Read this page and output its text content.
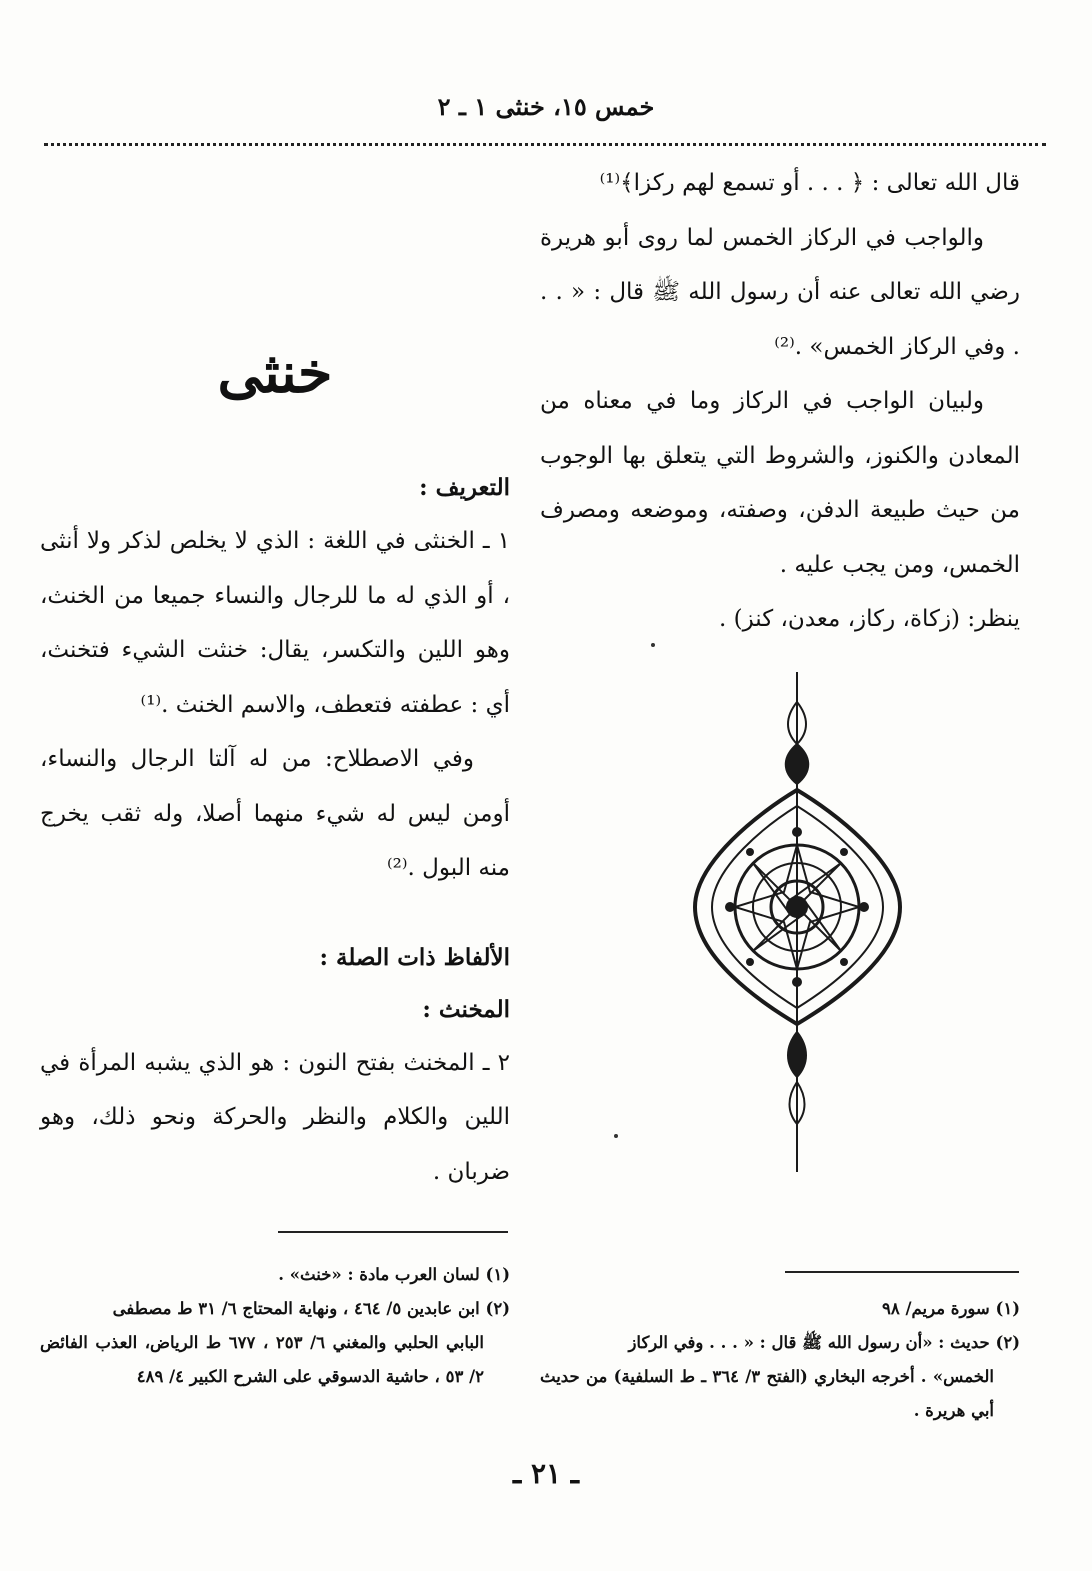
خمس ١٥، خنثى ١ ـ ٢

قال الله تعالى : ﴿ . . . أو تسمع لهم ركزا﴾⁽¹⁾

والواجب في الركاز الخمس لما روى أبو هريرة رضي الله تعالى عنه أن رسول الله ﷺ قال : « . . . وفي الركاز الخمس» .⁽²⁾

ولبيان الواجب في الركاز وما في معناه من المعادن والكنوز، والشروط التي يتعلق بها الوجوب من حيث طبيعة الدفن، وصفته، وموضعه ومصرف الخمس، ومن يجب عليه .

ينظر: (زكاة، ركاز، معدن، كنز) .

خنثى

التعريف :

١ ـ الخنثى في اللغة : الذي لا يخلص لذكر ولا أنثى ، أو الذي له ما للرجال والنساء جميعا من الخنث، وهو اللين والتكسر، يقال: خنثت الشيء فتخنث، أي : عطفته فتعطف، والاسم الخنث .⁽¹⁾

وفي الاصطلاح: من له آلتا الرجال والنساء، أومن ليس له شيء منهما أصلا، وله ثقب يخرج منه البول .⁽²⁾

الألفاظ ذات الصلة :

المخنث :

٢ ـ المخنث بفتح النون : هو الذي يشبه المرأة في اللين والكلام والنظر والحركة ونحو ذلك، وهو ضربان .

(١) لسان العرب مادة : «خنث» .

(٢) ابن عابدين ٥/ ٤٦٤ ، ونهاية المحتاج ٦/ ٣١ ط مصطفى

البابي الحلبي والمغني ٦/ ٢٥٣ ، ٦٧٧ ط الرياض، العذب الفائض ٢/ ٥٣ ، حاشية الدسوقي على الشرح الكبير ٤/ ٤٨٩

(١) سورة مريم/ ٩٨

(٢) حديث : «أن رسول الله ﷺ قال : « . . . وفي الركاز

الخمس» . أخرجه البخاري (الفتح ٣/ ٣٦٤ ـ ط السلفية) من حديث أبي هريرة .

ـ ٢١ ـ
